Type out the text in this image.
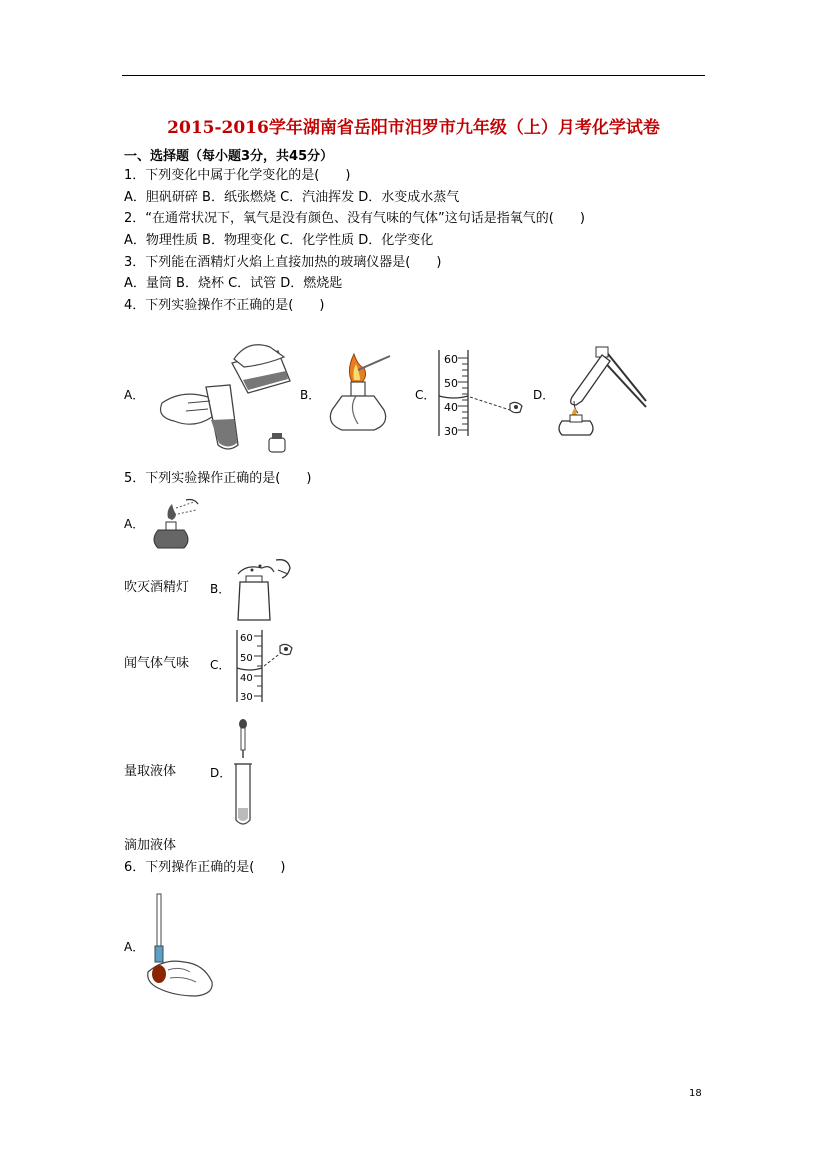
2015-2016学年湖南省岳阳市汨罗市九年级（上）月考化学试卷
一、选择题（每小题3分，共45分）
1．下列变化中属于化学变化的是(　　)
A．胆矾研碎 B．纸张燃烧 C．汽油挥发 D．水变成水蒸气
2．“在通常状况下，氧气是没有颜色、没有气味的气体”这句话是指氧气的(　　)
A．物理性质 B．物理变化 C．化学性质 D．化学变化
3．下列能在酒精灯火焰上直接加热的玻璃仪器是(　　)
A．量筒 B．烧杯 C．试管 D．燃烧匙
4．下列实验操作不正确的是(　　)
A．	B．	C．
60
50
40
30
D．
5．下列实验操作正确的是(　　)
A．
吹灭酒精灯 B．
闻气体气味 C．
60
50
40
30
量取液体	D．
滴加液体
6．下列操作正确的是(　　)
A．
18
